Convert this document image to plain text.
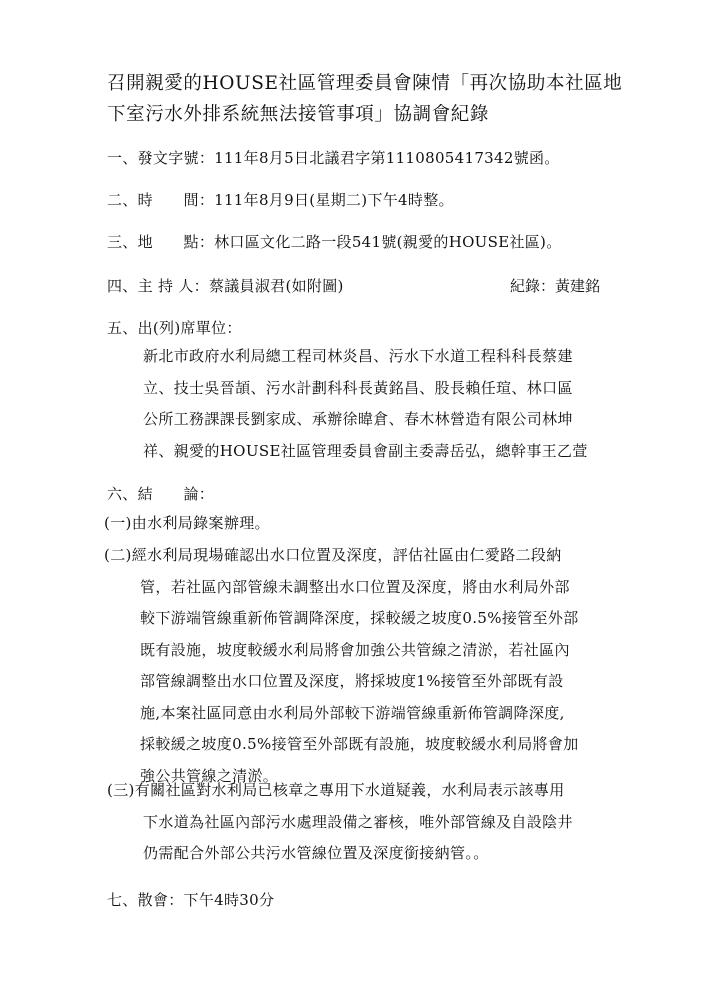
召開親愛的HOUSE社區管理委員會陳情「再次協助本社區地
下室污水外排系統無法接管事項」協調會紀錄
一、發文字號：111年8月5日北議君字第1110805417342號函。
二、時　　間：111年8月9日(星期二)下午4時整。
三、地　　點：林口區文化二路一段541號(親愛的HOUSE社區)。
四、主 持 人：蔡議員淑君(如附圖)	紀錄：黃建銘
五、出(列)席單位：
新北市政府水利局總工程司林炎昌、污水下水道工程科科長蔡建
立、技士吳晉頡、污水計劃科科長黃銘昌、股長賴任瑄、林口區
公所工務課課長劉家成、承辦徐暐倉、春木林營造有限公司林坤
祥、親愛的HOUSE社區管理委員會副主委壽岳弘，總幹事王乙萱
六、結　　論：
(一)由水利局錄案辦理。
(二)經水利局現場確認出水口位置及深度，評估社區由仁愛路二段納
管，若社區內部管線未調整出水口位置及深度，將由水利局外部
較下游端管線重新佈管調降深度，採較緩之坡度0.5%接管至外部
既有設施，坡度較緩水利局將會加強公共管線之清淤，若社區內
部管線調整出水口位置及深度，將採坡度1%接管至外部既有設
施,本案社區同意由水利局外部較下游端管線重新佈管調降深度,
採較緩之坡度0.5%接管至外部既有設施，坡度較緩水利局將會加
強公共管線之清淤。
(三)有關社區對水利局已核章之專用下水道疑義，水利局表示該專用
下水道為社區內部污水處理設備之審核，唯外部管線及自設陰井
仍需配合外部公共污水管線位置及深度銜接納管。。
七、散會：下午4時30分
